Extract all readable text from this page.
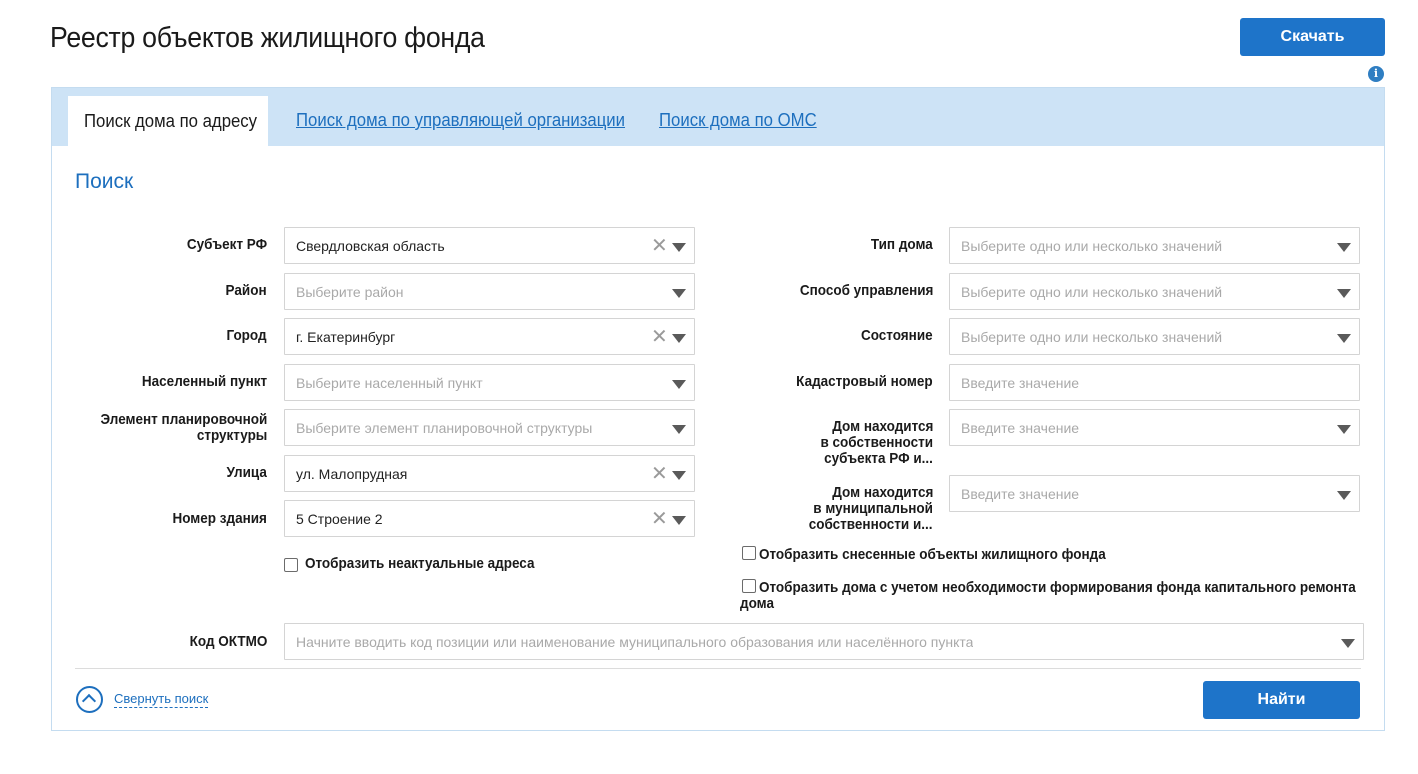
Реестр объектов жилищного фонда	Скачать
i
Поиск дома по адресу	Поиск дома по управляющей организации Поиск дома по ОМС
Поиск
Субъект РФ Свердловская область	✕
Район Выберите район
Город г. Екатеринбург	✕
Населенный пункт Выберите населенный пункт
Элемент планировочной
структуры Выберите элемент планировочной структуры
Улица ул. Малопрудная	✕
Номер здания 5 Строение 2	✕
Отобразить неактуальные адреса
Тип дома Выберите одно или несколько значений
Способ управления Выберите одно или несколько значений
Состояние Выберите одно или несколько значений
Кадастровый номер Введите значение
Дом находится
в собственности
субъекта РФ и...
Введите значение
Дом находится
в муниципальной
собственности и...
Введите значение
Отобразить снесенные объекты жилищного фонда
Отобразить дома с учетом необходимости формирования фонда капитального ремонта
дома
Код ОКТМО Начните вводить код позиции или наименование муниципального образования или населённого пункта
Свернуть поиск	Найти
